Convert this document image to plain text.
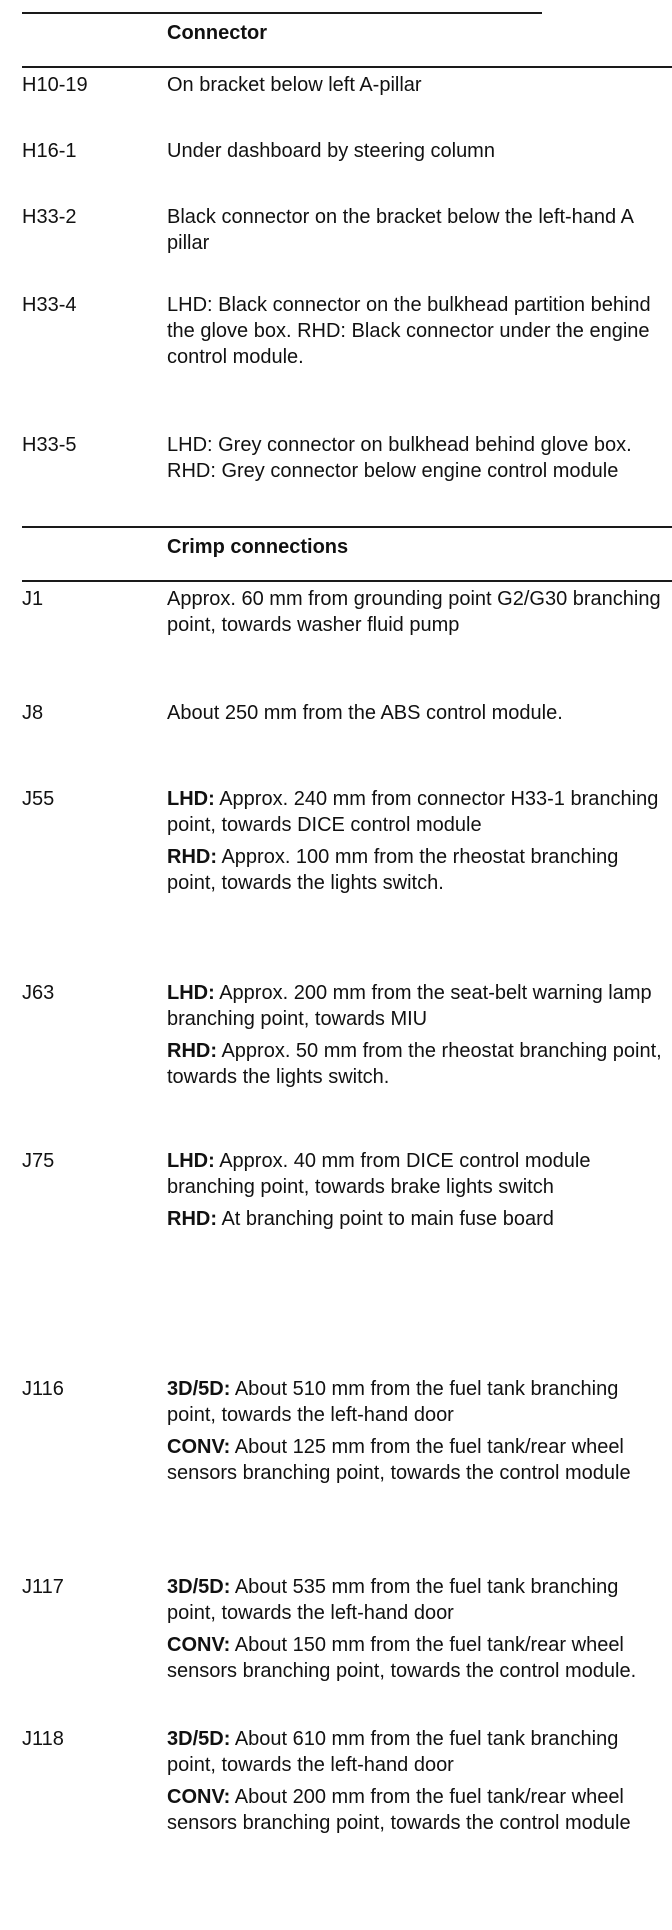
Connector
H10-19	On bracket below left A-pillar
H16-1	Under dashboard by steering column
H33-2	Black connector on the bracket below the left-hand A pillar
H33-4	LHD: Black connector on the bulkhead partition behind the glove box. RHD: Black connector under the engine control module.
H33-5	LHD: Grey connector on bulkhead behind glove box. RHD: Grey connector below engine control module
Crimp connections
J1	Approx. 60 mm from grounding point G2/G30 branching point, towards washer fluid pump
J8	About 250 mm from the ABS control module.
J55	LHD: Approx. 240 mm from connector H33-1 branching point, towards DICE control module
RHD: Approx. 100 mm from the rheostat branching point, towards the lights switch.
J63	LHD: Approx. 200 mm from the seat-belt warning lamp branching point, towards MIU
RHD: Approx. 50 mm from the rheostat branching point, towards the lights switch.
J75	LHD: Approx. 40 mm from DICE control module branching point, towards brake lights switch
RHD: At branching point to main fuse board
J116	3D/5D: About 510 mm from the fuel tank branching point, towards the left-hand door
CONV: About 125 mm from the fuel tank/rear wheel sensors branching point, towards the control module
J117	3D/5D: About 535 mm from the fuel tank branching point, towards the left-hand door
CONV: About 150 mm from the fuel tank/rear wheel sensors branching point, towards the control module.
J118	3D/5D: About 610 mm from the fuel tank branching point, towards the left-hand door
CONV: About 200 mm from the fuel tank/rear wheel sensors branching point, towards the control module
